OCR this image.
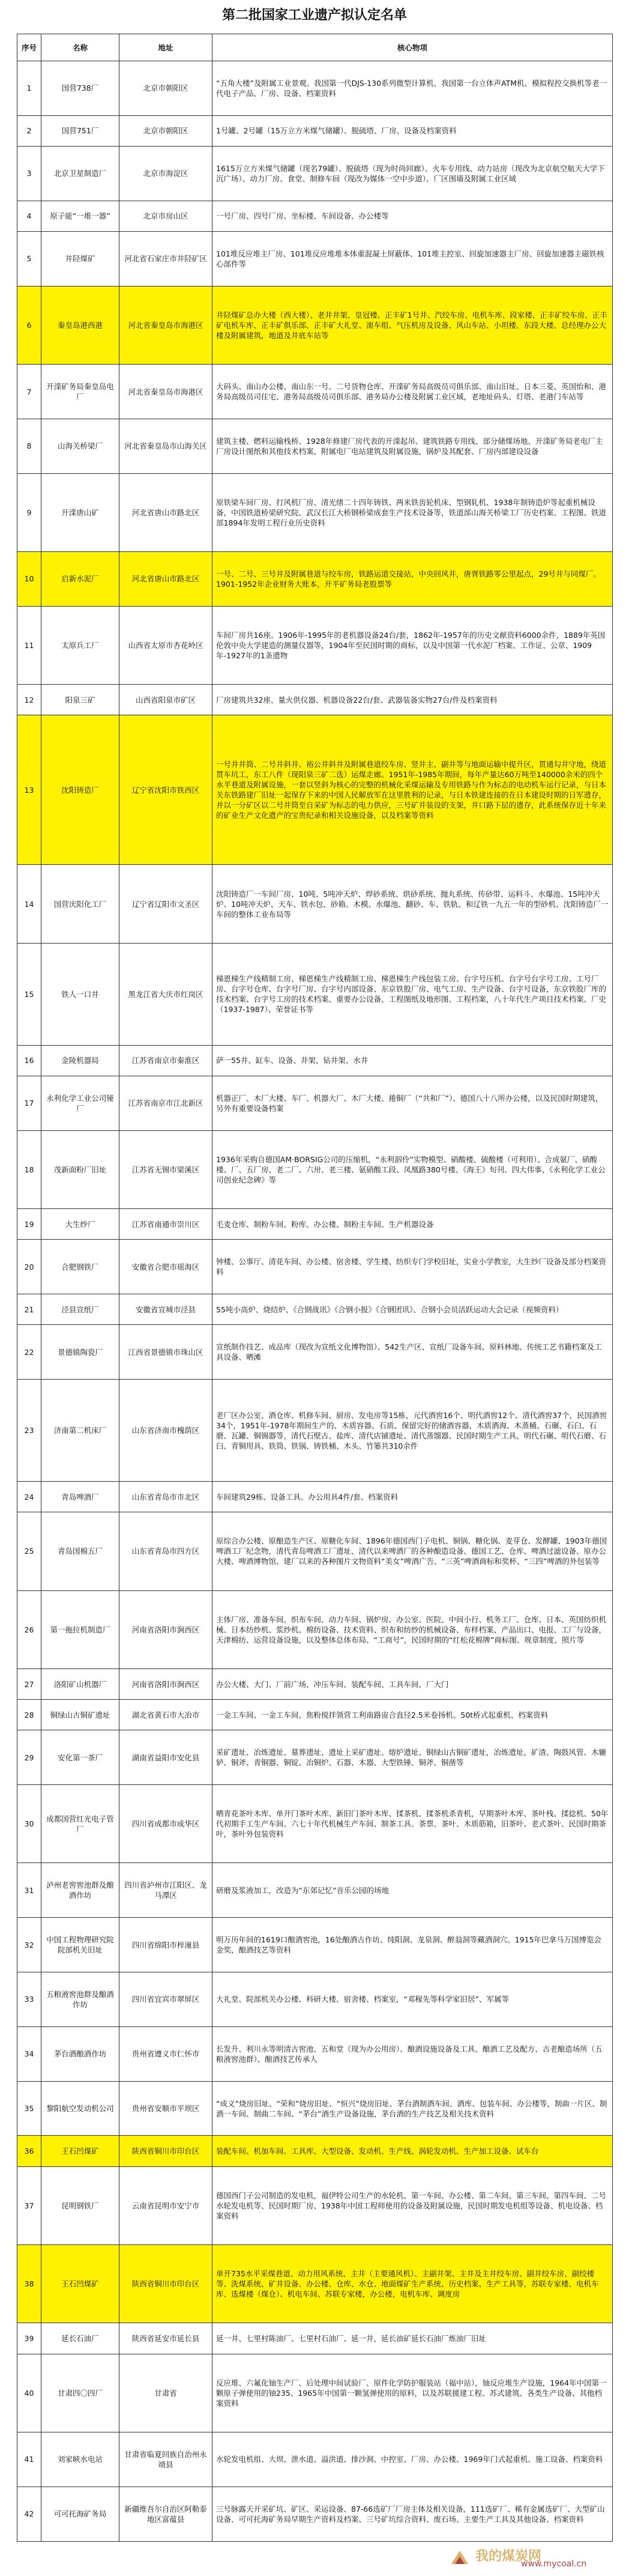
第二批国家工业遗产拟认定名单
序号	名称	地址	核心物项
1	国营738厂	北京市朝阳区	“五角大楼”及附属工业景观。我国第一代DJS-130系列微型计算机、我国第一台立体声ATM机、模拟程控交换机等老一代电子产品、厂房、设备、档案资料
2	国营751厂	北京市朝阳区	1号罐、2号罐（15万立方米煤气储罐）、脱硫塔、厂房、设备及档案资料
3	北京卫星制造厂	北京市海淀区	1615万立方米煤气储罐（现名79罐）、脱硫塔（现为时尚回廊）、火车专用线、动力站房（现改为北京航空航天大学下沉广场）、动力厂房、食堂、制修车间（现改为媒体一空中步道）、厂区围墙及附属工业区域
4	原子能“一堆一器”	北京市房山区	一号厂房、四号厂房、坐标楼、车间设备、办公楼等
5	井陉煤矿	河北省石家庄市井陉矿区	101堆反应堆主厂房、101堆反应堆堆本体重混凝土屏蔽体、101堆主控室、回旋加速器主厂房、回旋加速器主磁铁核心部件等
6	秦皇岛港西港	河北省秦皇岛市海港区	井陉煤矿总办大楼（西大楼）、老井井架、皇冠楼、正丰矿1号井、汽绞车房、电机车库、段家楼、正丰矿绞车房、正丰矿电机车库、正丰矿俱乐部、正丰矿大礼堂、滚车组、气压机房及设备、风山车站、小坦楼、东段大楼、总经理办公大楼及附属建筑，地道及井底车站等
7	开滦矿务局秦皇岛电厂	河北省秦皇岛市海港区	大码头、南山办公楼、南山东一号、二号货物仓库、开滦矿务局高级员司俱乐部、南山旧址、日本三菱、英国怡和、港务局高级员司住宅、港务局高级员司俱乐部、港务局办公楼及附属工业区域，老地址码头、灯塔、老港门车站等
8	山海关桥梁厂	河北省秦皇岛市山海关区	建筑主楼、燃料运输栈桥、1928年修建厂房代表的开滦起吊、建筑铁路专用线、部分储煤场地、开滦矿务局老电厂主厂房设计图纸和其他技术档案、附属电厂电站建筑及附属设施，锅炉及其配套、厂房内部建设设备
9	开滦唐山矿	河北省唐山市路北区	原铁梁车间厂房、打风机厂房、清光绪二十四年铸铁、两米铁齿轮机床、型钢轧机、1938年制铸造炉等起重机械设备，中国铁道桥梁研究院、武汉长江大桥钢桥梁成套生产技术设备等，铁道部山海关桥梁工厂历史档案、工程图、铁道部1894年发明工程行业历史资料
10	启新水泥厂	河北省唐山市路北区	一号、二号、三号井及附属巷道与绞车房，铁路运道交接站，中央回风井，唐胥铁路零公里起点，29号井与同煤厂。1901-1952年企业财务大账本，开平矿务局老股票等
11	太原兵工厂	山西省太原市杏花岭区	车间厂房共16座。1906年-1995年的老机器设备24台/套，1862年-1957年的历史文献资料6000余件，1889年英国伦敦中央大学建造的测量仪器等，1904年至民国时期的商标，以及中国第一代水泥厂档案、工作证、公章、1909年-1927年的1条遗物
12	阳泉三矿	山西省阳泉市矿区	厂房建筑共32座、量火供仪器、机器设备22台/套、武器装备实物27台/件及档案资料
13	沈阳铸造厂	辽宁省沈阳市铁西区	一号井井筒、二号井斜井、裕公井斜井及附属巷道绞车房、竖井主、副井等与地面运输中提升区，贯通勾井守地，绕道贯车坑工，东工八件（现阳泉三矿二选）运煤走廊。1951年-1985年期间，每年产量达60万吨至140000余米的四个水平巷道及附属设施，一套以竖斜为核心的完整的机械化采煤运输及专用铁路与作为标志的电动机车运行记录，与日本关东铁路建厂旧址一起保存下来的中国人民解放军在这里胜利的记录，与日本铁建连接的在日本建设时期的日军遗存，并以一分矿区以二号井筒至自采矿为标志的电力供应，三号矿井装设的支架，井口路下层的遗存，此系统保存近十年来的矿业生产文化遗产的宝贵纪录和相关设施设备，以及档案等资料
14	国营庆阳化工厂	辽宁省辽阳市文圣区	沈阳铸造厂一车间厂房、10吨、5吨冲天炉、焊砂系统、烘砂系统、抛丸系统、传砂带、运料斗、水爆池、15吨冲天炉、10吨冲天炉、天车、铁水包、砂箱、木模、水爆池、翻砂、车、铁轨、和辽铁一九五一年的型砂机、沈阳铸造厂一车间的整体工业布局等
15	铁人一口井	黑龙江省大庆市红岗区	梯恩梯生产线精制工房、梯恩梯生产线精制工房、梯恩梯生产线包装工房、台字号压机、台字号台字号工房、工号厂房、台字号仓库、台字号厂房、台字号内部设备、东京铁股厂房、电气工房、生产设备、台字号设备，东京铁股厂库的技术档案、台字号工房的技术档案、重要办公设备、工程图纸及地形图、工程档案，八十年代生产项目技术档案、厂史（1937-1987）、荣誉证书等
16	金陵机器局	江苏省南京市秦淮区	萨一55井、缸车、设备、井架、钻井架、水井
17	永利化学工业公司铔厂	江苏省南京市江北新区	机器正厂、木厂大楼、车厂、机器大厂、木厂大楼、捲铜厂（“共和厂”）、德国八十八所办公楼，以及民国时期建筑，另外有重要设备档案
18	茂新面粉厂旧址	江苏省无锡市梁溪区	1936年采购自德国AM·BORSIG公司的压缩机，“永利泅伶”实物模型、硝酸楼、硫酸楼（可利用）、合成氨厂、硝酸楼、厂、五厂房、老二厂、六卅、老三楼、氨硝酸工段、凤凰路380号楼、《海王》旬刊、四大伟事、《永利化学工业公司创业纪念碑》等
19	大生纱厂	江苏省南通市崇川区	毛麦仓库、制粉车间、粉库、办公楼、制粉主车间、生产机器设备
20	合肥钢铁厂	安徽省合肥市瑶海区	钟楼、公事厅、清花车间、办公楼、宿舍楼、学生楼、纺织专门学校旧址，实业小学教室，大生纱厂设备及部分档案资料
21	泾县宣纸厂	安徽省宣城市泾县	55吨小高炉、烧结炉、《合钢战讯》《合钢小报》《合钢团讯》、合钢小会员活跃运动大会记录（视频资料）
22	景德镇陶瓷厂	江西省景德镇市珠山区	宣纸制作技艺、成品库（现改为宣纸文化博物馆）、542生产区、宣纸厂设备车间、原料林地、传统工艺书籍档案及工具设备、晒滩
23	济南第二机床厂	山东省济南市槐荫区	老厂区办公室、酒仓库、机修车间、厨房、发电房等15栋，元代酒窖16个、明代酒窖12个、清代酒窖37个，民国酒窖34个，1951年-1978年期间生产的、木质容器、石质、保留完好的储酒容器、木质酒海、木蒸桶、石碾、石臼、石磨、瓦罐、铜锡器等，清代石壁古、盐库、清代店铺遗址、清代蒸馏器、民国时期生产工具、明代石碾、明代石磨、石臼、青铜用具、铁筒、铁锅、铸铁桶、木头、竹篓共310余件
24	青岛啤酒厂	山东省青岛市市北区	车间建筑29栋、设备工具、办公用具4件/套、档案资料
25	青岛国棉五厂	山东省青岛市四方区	原综合办公楼、原酿造生产区、原糖化车间、1896年德国西门子电机、铜锅、糖化锅、麦芽仓、发酵罐、1903年德国啤酒工厂纪念物，清代青岛啤酒工厂遗址、清代以来啤酒厂的各种酿造设备、德国工艺、仓库、啤酒过滤设备、原办公大楼、啤酒博物馆、建厂以来的各种图片文物资料“美女”啤酒广告、“三英”啤酒商标和奖杯、“三四”啤酒的外包装等
26	第一拖拉机制造厂	河南省洛阳市涧西区	主体厂房、准备车间、织布车间、动力车间、锅炉房、办公室、医院、中间小行、机务工厂、仓库、日本、英国纺织机械、日本纺纱机、浆纱机、棉纺设备、技术资料、织布和纺纱的机械设备、布样档案、产品出口、电报、工厂与设备，天津棉纺、运营设备设施，以及整体总体布局、“工商号”，民国时期的“红松花棉牌”商标图、规章制度、照片等
27	洛阳矿山机器厂	河南省洛阳市涧西区	办公大楼、大门、厂前广场、冲压车间、装配车间、工具车间、厂大门
28	铜绿山古铜矿遗址	湖北省黄石市大冶市	一金工车间、一金工车间、焦粉搅拌领营工利南路宙合直径2.5米卷扬机、50t桥式起重机、档案资料
29	安化第一茶厂	湖南省益阳市安化县	采矿遗址、冶炼遗址、墓葬遗址、遗址上采矿遗址、熔炉遗址、铜绿山古铜矿遗址，冶炼遗址，矿渣、陶鼓风管、木辘轳、铜斧、青铜器、铜锭、冶铜炉、石器、木器、大型铁锤、铜斧、铜凿等
30	成都国营红光电子管厂	四川省成都市成华区	晒青花茶叶木库、单开门茶叶木库、新旧门茶叶木库、揉茶机、揉茶机杀青机，早期茶叶木库、茶叶栈、揉捻机、50年代初期手工生产车间、六七十年代机械生产车间、制茶工具、茶票、茶叶、木质筋箱，旧茶叶、老式茶叶、民国时期茶叶，茶叶外包装资料
31	泸州老窖窖池群及酿酒作坊	四川省泸州市江阳区、龙马潭区	研磨及浆液加工，改造为“东郊记忆”音乐公园的场地
32	中国工程物理研究院院部机关旧址	四川省绵阳市梓潼县	明万历年间的1619口酿酒窖池，16处酿酒古作坊、纯阳洞、龙泉洞、醉翁洞等藏酒洞穴。1915年巴拿马万国博览会金奖，酿酒技艺等资料
33	五粮液窖池群及酿酒作坊	四川省宜宾市翠屏区	大礼堂、院部机关办公楼、科研大楼、宿舍楼、档案室，“邓稼先等科学家旧居”、军属等
34	茅台酒酿酒作坊	贵州省遵义市仁怀市	长发升、利川永等明清古窖池、五和堂（现为办公用房）、酿酒设施设备及工具、酿酒工艺及配方、古老酿造场所（五粮液窖池群）、酿酒技艺传承人
35	黎阳航空发动机公司	贵州省安顺市平坝区	“成义”烧房旧址、“荣和”烧房旧址、“恒兴”烧房旧址、茅台酒制酒车间、酒库、包装车间、办公楼等，制曲一片区、制酒一车间、制曲二车间、“茅台”酒生产设备设施，茅台酒的生产技艺及相关技术资料
36	王石凹煤矿	陕西省铜川市印台区	装配车间、机加车间、工具库、大型设备、发动机、生产线、涡轮发动机、生产加工设备、试车台
37	昆明钢铁厂	云南省昆明市安宁市	德国西门子公司制造的发电机，福伊特公司生产的水轮机、第一车间、办公楼、第二车间、第三车间、第四车间、二号水轮发电机等、民国时期厂房、1938年中国工程师使用的设备及附属设施，民国时期发电机组等设备、机电设备、档案资料
38	王石凹煤矿	陕西省铜川市印台区	单开735水平采煤巷道、动力用风系统、主井（主要通风机）、主副井架、主井及主井绞车房、副井绞车房、副绞楼等、洗煤系统、矿井设备、办公楼、仓库、水仓、地面煤矿生产系统、历史档案、生产工具等，苏联专家楼、电机车库、选煤楼（煤仓）、机电车间、苏联专家楼，办公楼，电机车库、调度房
39	延长石油厂	陕西省延安市延长县	延一井、七里村陈油厂、七里村石油厂、延一井，延长油矿延长石油厂炼油厂旧址
40	甘肃四〇四厂	甘肃省	反应堆、六氟化铀生产厂、后处理中间试验厂、原件化学防护服装站（福中站），铀反应堆生产设施，1964年中国第一颗原子弹使用的铀235、1965年中国第一颗氢弹使用的原料，以及苏联援建工程、苏式建筑、各类生产设备、其他档案资料
41	刘家峡水电站	甘肃省临夏回族自治州永靖县	水轮发电机组、大坝、泄水道、溢洪道、排沙洞、中控室、厂房、办公楼、1969年门式起重机、施工设备、档案资料
42	可可托海矿务局	新疆维吾尔自治区阿勒泰地区富蕴县	三号脉露天开采矿坑、矿区、采运设备、87-66选矿厂厂房主体及相关设备，111选矿厂、稀有金属选矿厂、大型矿山设备、可可托海矿务局早期生产资料及档案、三号矿坑综合资料、废石场、主要生产工具及其他设备、档案资料
我的煤炭网
www.mycoal.cn
